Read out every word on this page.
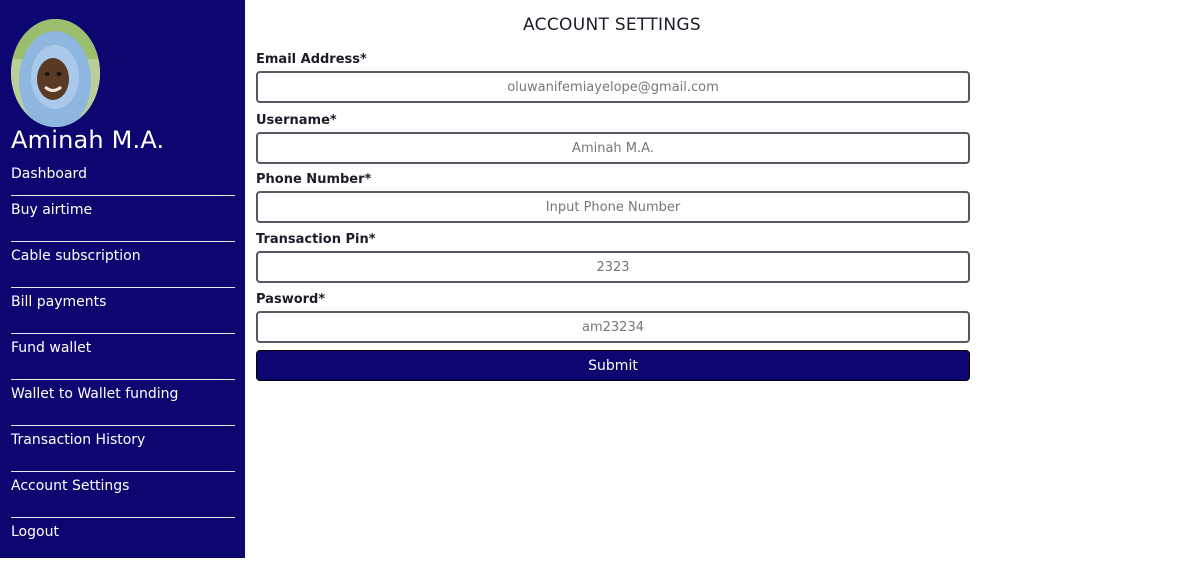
Aminah M.A.
Dashboard
Buy airtime
Cable subscription
Bill payments
Fund wallet
Wallet to Wallet funding
Transaction History
Account Settings
Logout
ACCOUNT SETTINGS
Email Address*
oluwanifemiayelope@gmail.com
Username*
Aminah M.A.
Phone Number*
Input Phone Number
Transaction Pin*
2323
Pasword*
am23234
Submit
